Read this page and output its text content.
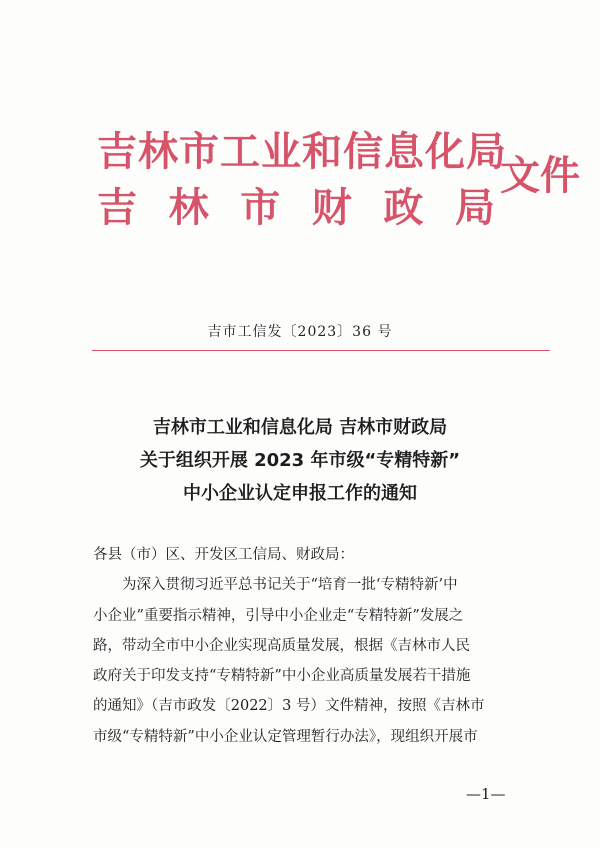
吉林市工业和信息化局
吉 林 市 财 政 局
文件
吉市工信发〔2023〕36 号
吉林市工业和信息化局 吉林市财政局
关于组织开展 2023 年市级“专精特新”
中小企业认定申报工作的通知

各县（市）区、开发区工信局、财政局：

为深入贯彻习近平总书记关于“培育一批‘专精特新’中

小企业”重要指示精神，引导中小企业走“专精特新”发展之

路，带动全市中小企业实现高质量发展，根据《吉林市人民

政府关于印发支持“专精特新”中小企业高质量发展若干措施

的通知》（吉市政发〔2022〕3 号）文件精神，按照《吉林市

市级“专精特新”中小企业认定管理暂行办法》，现组织开展市

—1—
